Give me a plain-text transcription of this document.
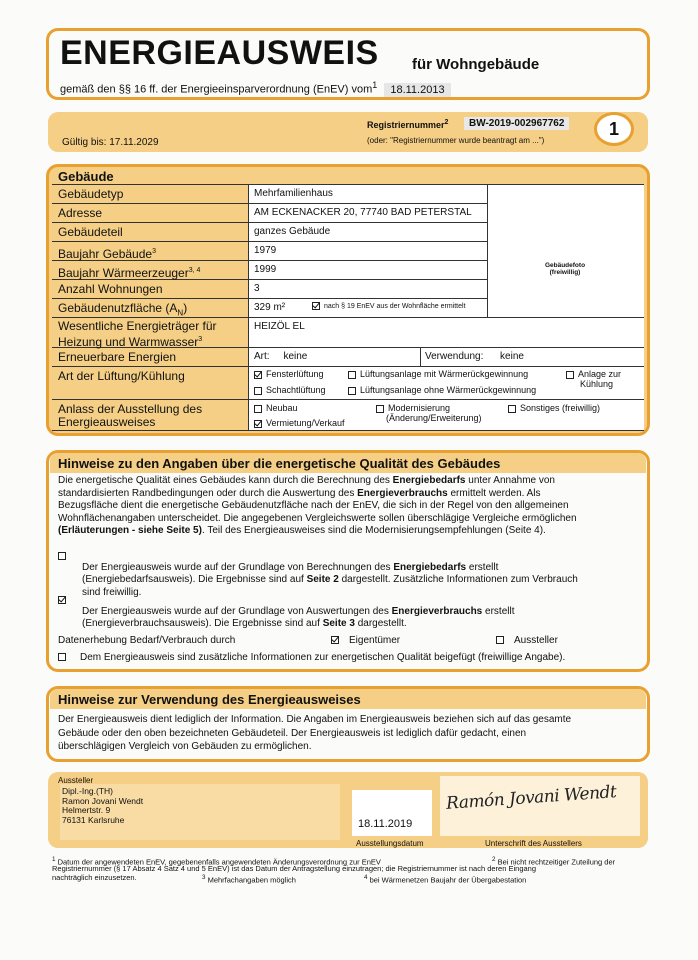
ENERGIEAUSWEIS für Wohngebäude
gemäß den §§ 16 ff. der Energieeinsparverordnung (EnEV) vom$^1$ 18.11.2013
Gültig bis: 17.11.2029
Registriernummer$^2$	BW-2019-002967762
(oder: "Registriernummer wurde beantragt am ...")
1
Gebäude
Gebäudetyp	Mehrfamilienhaus
Adresse	AM ECKENACKER 20, 77740 BAD PETERSTAL
Gebäudeteil	ganzes Gebäude
Baujahr Gebäude$^3$	1979
Baujahr Wärmeerzeuger$^{3, 4}$	1999
Anzahl Wohnungen	3
Gebäudenutzfläche $(A_N)$	329 m²	nach § 19 EnEV aus der Wohnfläche ermittelt
Wesentliche Energieträger für
Heizung und Warmwasser$^3$
HEIZÖL EL
Erneuerbare Energien	Art:     keine	Verwendung:      keine
Gebäudefoto
(freiwillig)
Art der Lüftung/Kühlung	Fensterlüftung	Lüftungsanlage mit Wärmerückgewinnung	Anlage zur
Kühlung
Schachtlüftung	Lüftungsanlage ohne Wärmerückgewinnung
Anlass der Ausstellung des
Energieausweises
Neubau	Modernisierung
(Änderung/Erweiterung)
Sonstiges (freiwillig)
Vermietung/Verkauf
Hinweise zu den Angaben über die energetische Qualität des Gebäudes
Die energetische Qualität eines Gebäudes kann durch die Berechnung des Energiebedarfs unter Annahme von
standardisierten Randbedingungen oder durch die Auswertung des Energieverbrauchs ermittelt werden. Als
Bezugsfläche dient die energetische Gebäudenutzfläche nach der EnEV, die sich in der Regel von den allgemeinen
Wohnflächenangaben unterscheidet. Die angegebenen Vergleichswerte sollen überschlägige Vergleiche ermöglichen
(Erläuterungen - siehe Seite 5). Teil des Energieausweises sind die Modernisierungsempfehlungen (Seite 4).
Der Energieausweis wurde auf der Grundlage von Berechnungen des Energiebedarfs erstellt
(Energiebedarfsausweis). Die Ergebnisse sind auf Seite 2 dargestellt. Zusätzliche Informationen zum Verbrauch
sind freiwillig.
Der Energieausweis wurde auf der Grundlage von Auswertungen des Energieverbrauchs erstellt
(Energieverbrauchsausweis). Die Ergebnisse sind auf Seite 3 dargestellt.
Datenerhebung Bedarf/Verbrauch durch	Eigentümer	Aussteller
Dem Energieausweis sind zusätzliche Informationen zur energetischen Qualität beigefügt (freiwillige Angabe).
Hinweise zur Verwendung des Energieausweises
Der Energieausweis dient lediglich der Information. Die Angaben im Energieausweis beziehen sich auf das gesamte
Gebäude oder den oben bezeichneten Gebäudeteil. Der Energieausweis ist lediglich dafür gedacht, einen
überschlägigen Vergleich von Gebäuden zu ermöglichen.
Aussteller
Dipl.-Ing.(TH)
Ramon Jovani Wendt
Helmertstr. 9
76131 Karlsruhe	18.11.2019
Ausstellungsdatum
Ramón Jovani Wendt
Unterschrift des Ausstellers
$^1$ Datum der angewendeten EnEV, gegebenenfalls angewendeten Änderungsverordnung zur EnEV	$^2$ Bei nicht rechtzeitiger Zuteilung der
Registriernummer (§ 17 Absatz 4 Satz 4 und 5 EnEV) ist das Datum der Antragstellung einzutragen; die Registriernummer ist nach deren Eingang
nachträglich einzusetzen.	$^3$ Mehrfachangaben möglich	$^4$ bei Wärmenetzen Baujahr der Übergabestation
